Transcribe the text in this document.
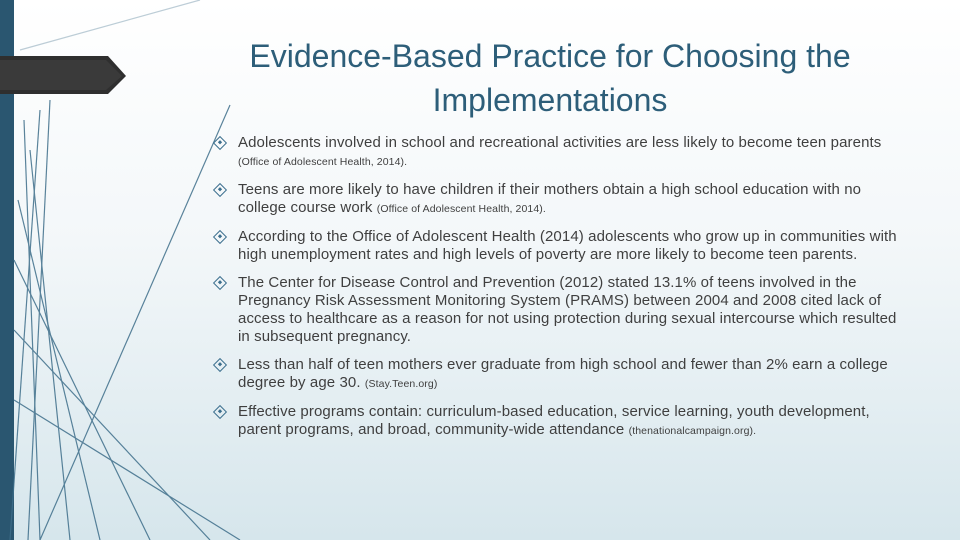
Evidence-Based Practice for Choosing the Implementations
Adolescents involved in school and recreational activities are less likely to become teen parents (Office of Adolescent Health, 2014).
Teens are more likely to have children if their mothers obtain a high school education with no college course work (Office of Adolescent Health, 2014).
According to the Office of Adolescent Health (2014) adolescents who grow up in communities with high unemployment rates and high levels of poverty are more likely to become teen parents.
The Center for Disease Control and Prevention (2012) stated 13.1% of teens involved in the Pregnancy Risk Assessment Monitoring System (PRAMS) between 2004 and 2008 cited lack of access to healthcare as a reason for not using protection during sexual intercourse which resulted in subsequent pregnancy.
Less than half of teen mothers ever graduate from high school and fewer than 2% earn a college degree by age 30. (Stay.Teen.org)
Effective programs contain: curriculum-based education, service learning, youth development, parent programs, and broad, community-wide attendance (thenationalcampaign.org).
